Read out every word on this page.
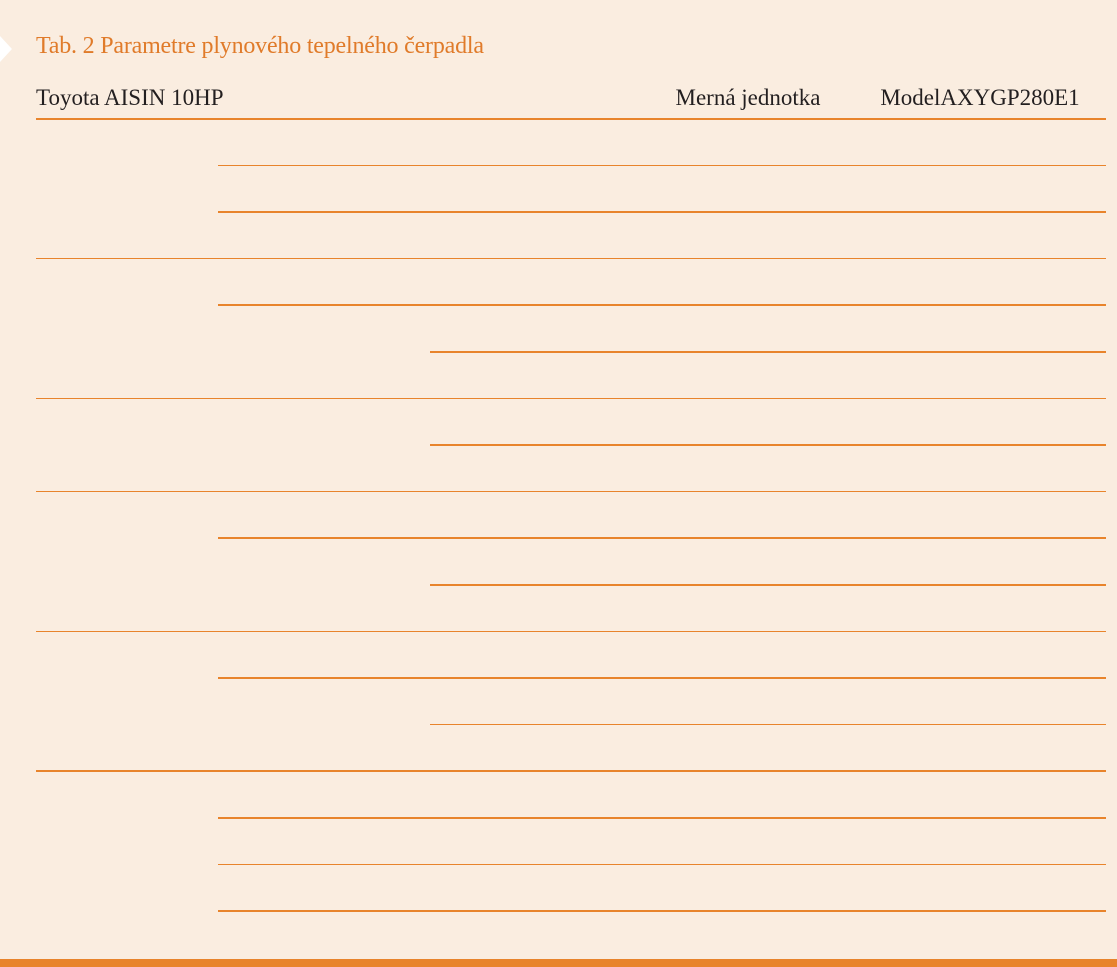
Tab. 2 Parametre plynového tepelného čerpadla
Toyota AISIN 10HP	Merná jednotka	ModelAXYGP280E1
